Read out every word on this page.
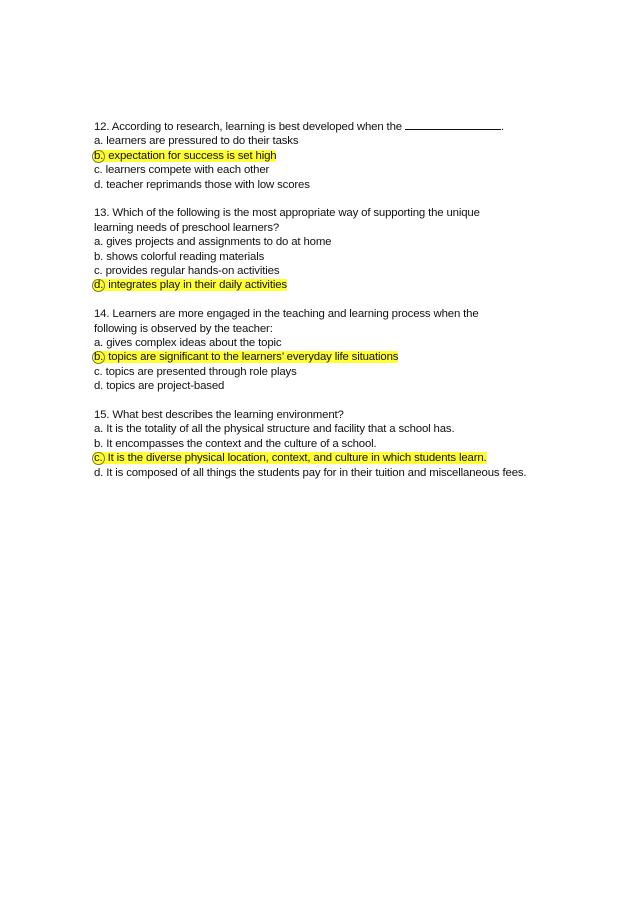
12. According to research, learning is best developed when the	.
a. learners are pressured to do their tasks
b. expectation for success is set high
c. learners compete with each other
d. teacher reprimands those with low scores
13. Which of the following is the most appropriate way of supporting the unique
learning needs of preschool learners?
a. gives projects and assignments to do at home
b. shows colorful reading materials
c. provides regular hands-on activities
d. integrates play in their daily activities
14. Learners are more engaged in the teaching and learning process when the
following is observed by the teacher:
a. gives complex ideas about the topic
b. topics are significant to the learners’ everyday life situations
c. topics are presented through role plays
d. topics are project-based
15. What best describes the learning environment?
a. It is the totality of all the physical structure and facility that a school has.
b. It encompasses the context and the culture of a school.
c. It is the diverse physical location, context, and culture in which students learn.
d. It is composed of all things the students pay for in their tuition and miscellaneous fees.
